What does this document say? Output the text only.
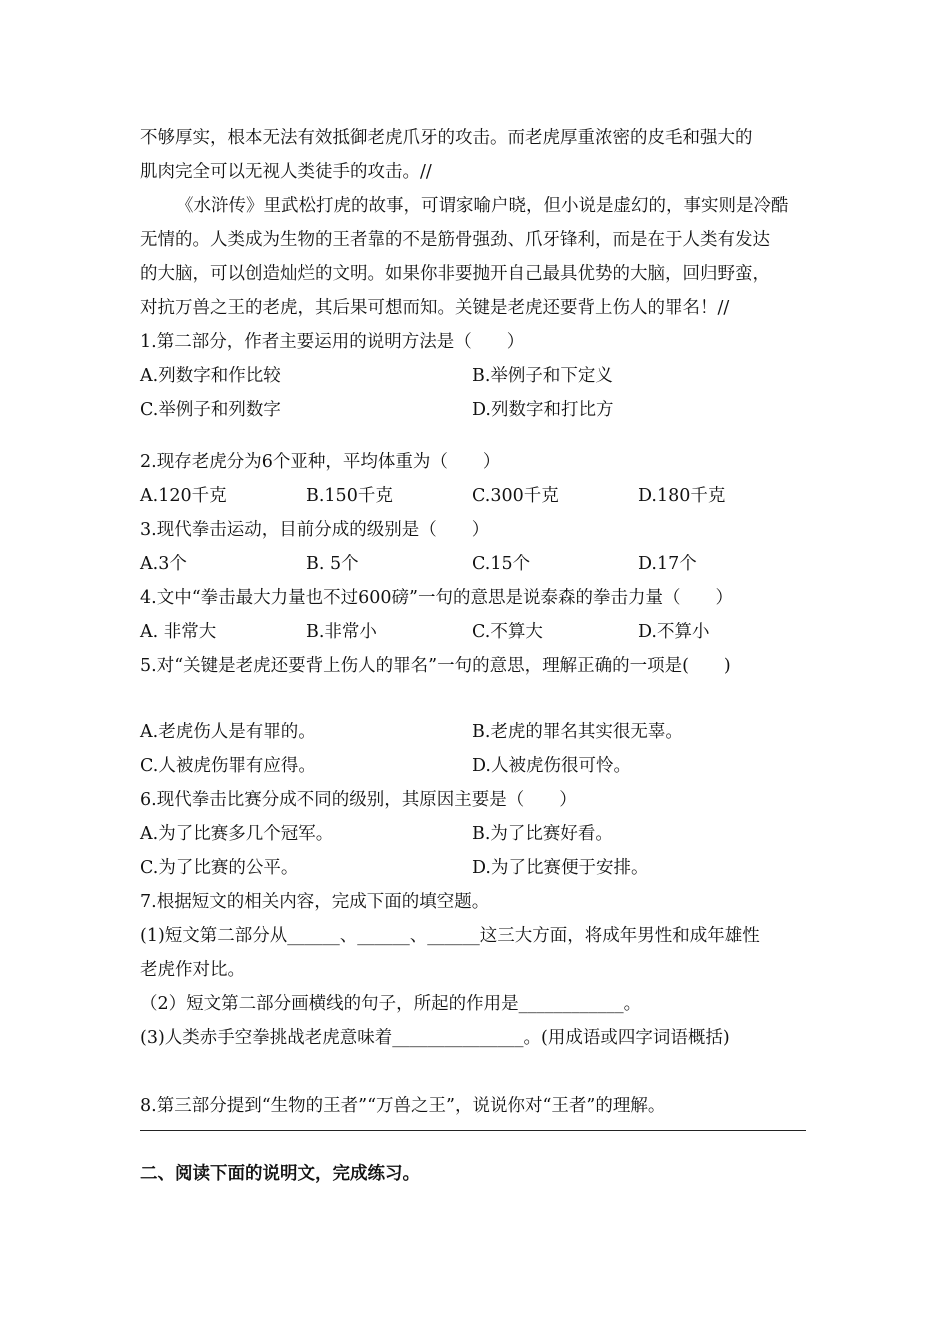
不够厚实，根本无法有效抵御老虎爪牙的攻击。而老虎厚重浓密的皮毛和强大的
肌肉完全可以无视人类徒手的攻击。//
《水浒传》里武松打虎的故事，可谓家喻户晓，但小说是虚幻的，事实则是冷酷
无情的。人类成为生物的王者靠的不是筋骨强劲、爪牙锋利，而是在于人类有发达
的大脑，可以创造灿烂的文明。如果你非要抛开自己最具优势的大脑，回归野蛮，
对抗万兽之王的老虎，其后果可想而知。关键是老虎还要背上伤人的罪名！//
1.第二部分，作者主要运用的说明方法是（　　）
A.列数字和作比较	B.举例子和下定义
C.举例子和列数字	D.列数字和打比方
2.现存老虎分为6个亚种，平均体重为（　　）
A.120千克	B.150千克	C.300千克	D.180千克
3.现代拳击运动，目前分成的级别是（　　）
A.3个	B. 5个	C.15个	D.17个
4.文中“拳击最大力量也不过600磅”一句的意思是说泰森的拳击力量（　　）
A. 非常大	B.非常小	C.不算大	D.不算小
5.对“关键是老虎还要背上伤人的罪名”一句的意思，理解正确的一项是(　　)
A.老虎伤人是有罪的。	B.老虎的罪名其实很无辜。
C.人被虎伤罪有应得。	D.人被虎伤很可怜。
6.现代拳击比赛分成不同的级别，其原因主要是（　　）
A.为了比赛多几个冠军。	B.为了比赛好看。
C.为了比赛的公平。	D.为了比赛便于安排。
7.根据短文的相关内容，完成下面的填空题。
(1)短文第二部分从______、______、______这三大方面，将成年男性和成年雄性
老虎作对比。
（2）短文第二部分画横线的句子，所起的作用是____________。
(3)人类赤手空拳挑战老虎意味着_______________。(用成语或四字词语概括)
8.第三部分提到“生物的王者”“万兽之王”，说说你对“王者”的理解。
二、阅读下面的说明文，完成练习。
